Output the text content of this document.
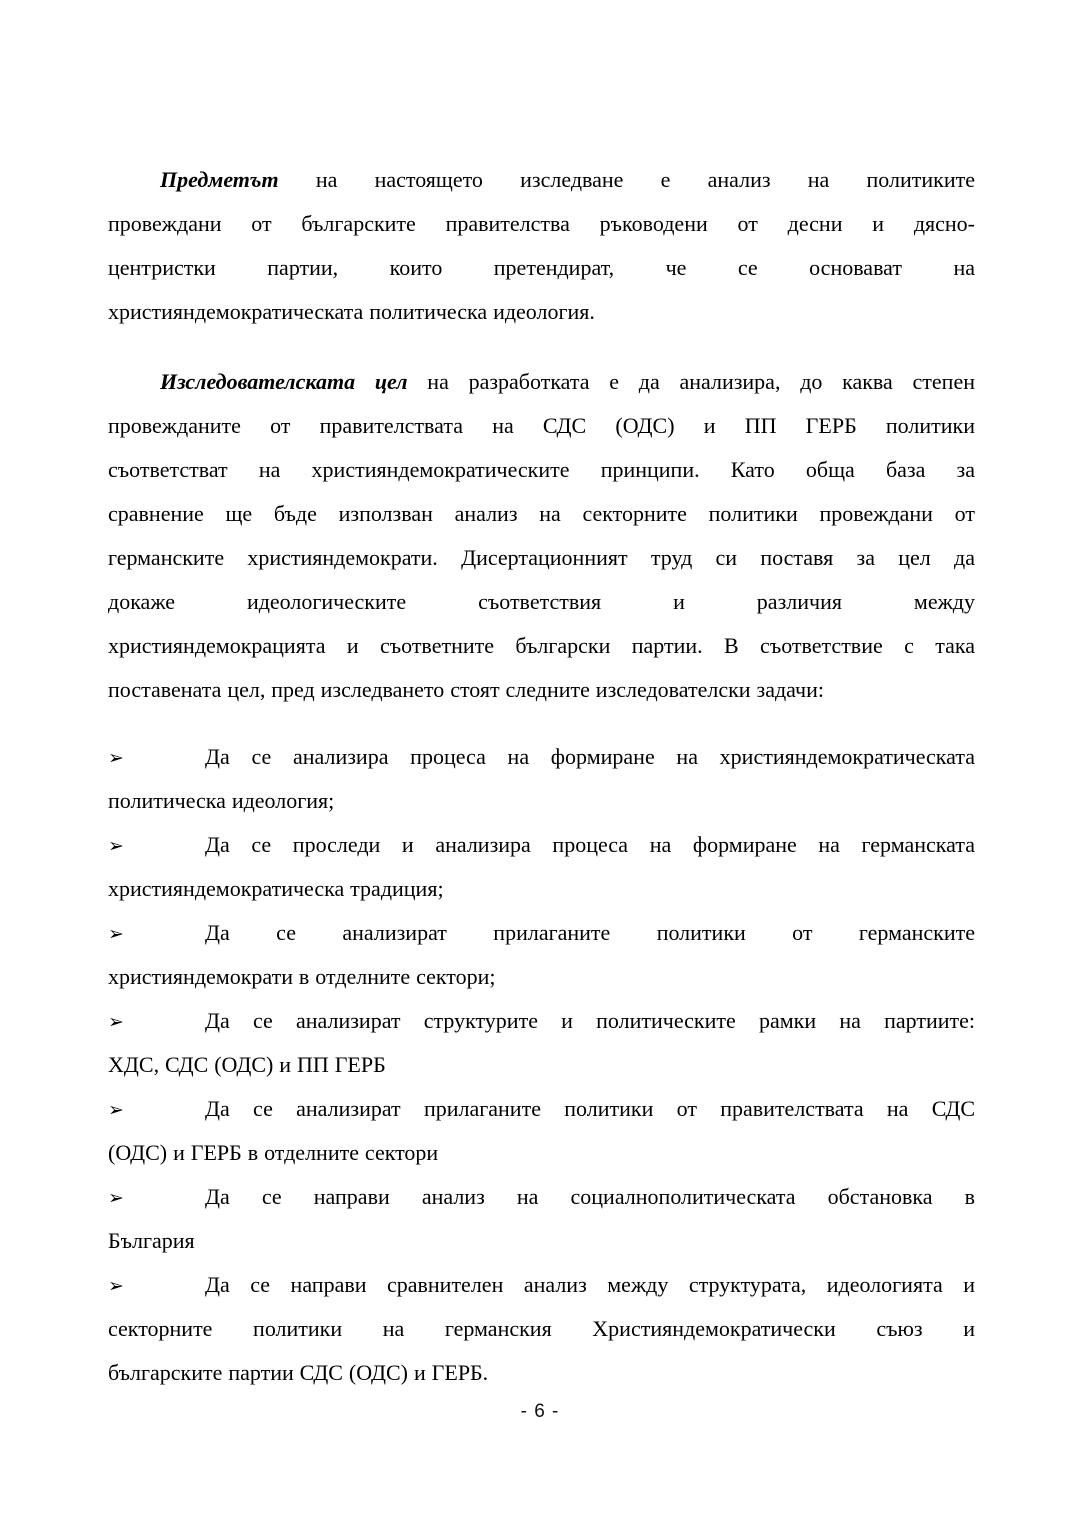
Предметът на настоящето изследване е анализ на политиките
провеждани от българските правителства ръководени от десни и дясно-
центристки партии, които претендират, че се основават на
християндемократическата политическа идеология.
Изследователската цел на разработката е да анализира, до каква степен
провежданите от правителствата на СДС (ОДС) и ПП ГЕРБ политики
съответстват на християндемократическите принципи. Като обща база за
сравнение ще бъде използван анализ на секторните политики провеждани от
германските християндемократи. Дисертационният труд си поставя за цел да
докаже идеологическите съответствия и различия между
християндемокрацията и съответните български партии. В съответствие с така
поставената цел, пред изследването стоят следните изследователски задачи:
➢	Да се анализира процеса на формиране на християндемократическата
политическа идеология;
➢	Да се проследи и анализира процеса на формиране на германската
християндемократическа традиция;
➢	Да се анализират прилаганите политики от германските
християндемократи в отделните сектори;
➢	Да се анализират структурите и политическите рамки на партиите:
ХДС, СДС (ОДС) и ПП ГЕРБ
➢	Да се анализират прилаганите политики от правителствата на СДС
(ОДС) и ГЕРБ в отделните сектори
➢	Да се направи анализ на социалнополитическата обстановка в
България
➢	Да се направи сравнителен анализ между структурата, идеологията и
секторните политики на германския Християндемократически съюз и
българските партии СДС (ОДС) и ГЕРБ.
- 6 -
